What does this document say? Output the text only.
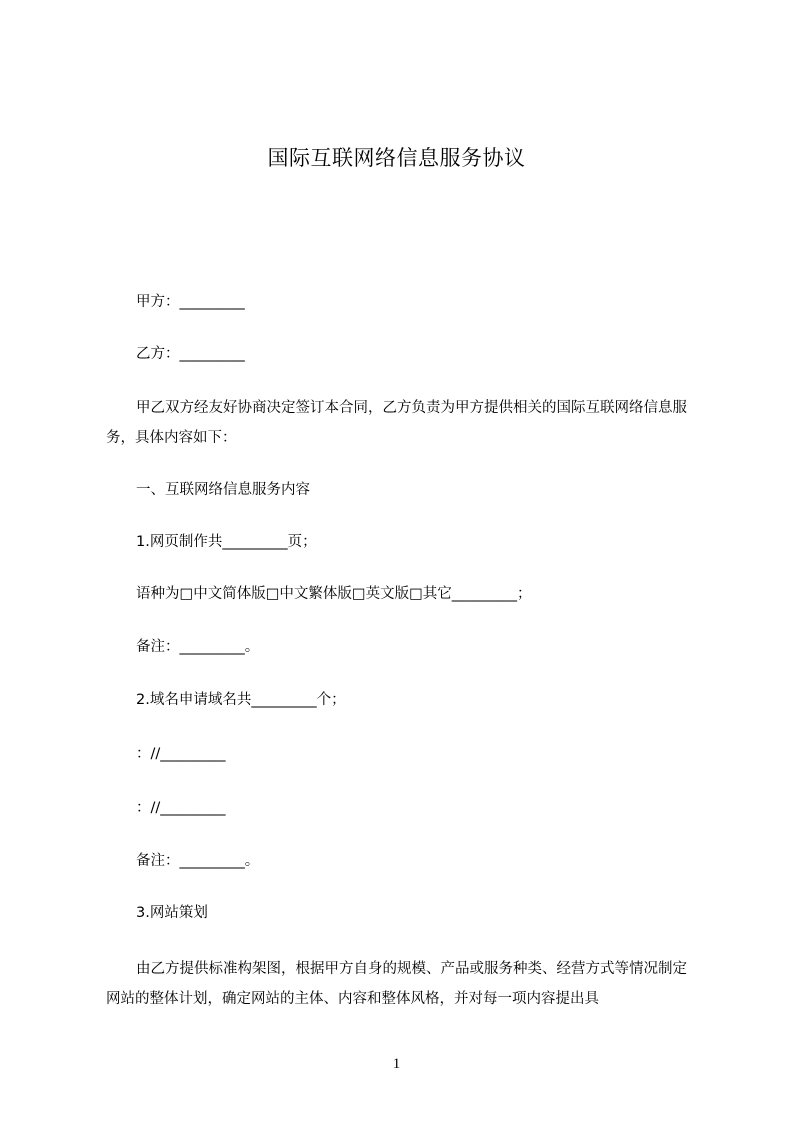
国际互联网络信息服务协议
甲方：_________
乙方：_________
甲乙双方经友好协商决定签订本合同，乙方负责为甲方提供相关的国际互联网络信息服务，具体内容如下：
一、互联网络信息服务内容
1.网页制作共_________页；
语种为□中文简体版□中文繁体版□英文版□其它_________；
备注：_________。
2.域名申请域名共_________个；
：//_________
：//_________
备注：_________。
3.网站策划
由乙方提供标准构架图，根据甲方自身的规模、产品或服务种类、经营方式等情况制定网站的整体计划，确定网站的主体、内容和整体风格，并对每一项内容提出具
1
